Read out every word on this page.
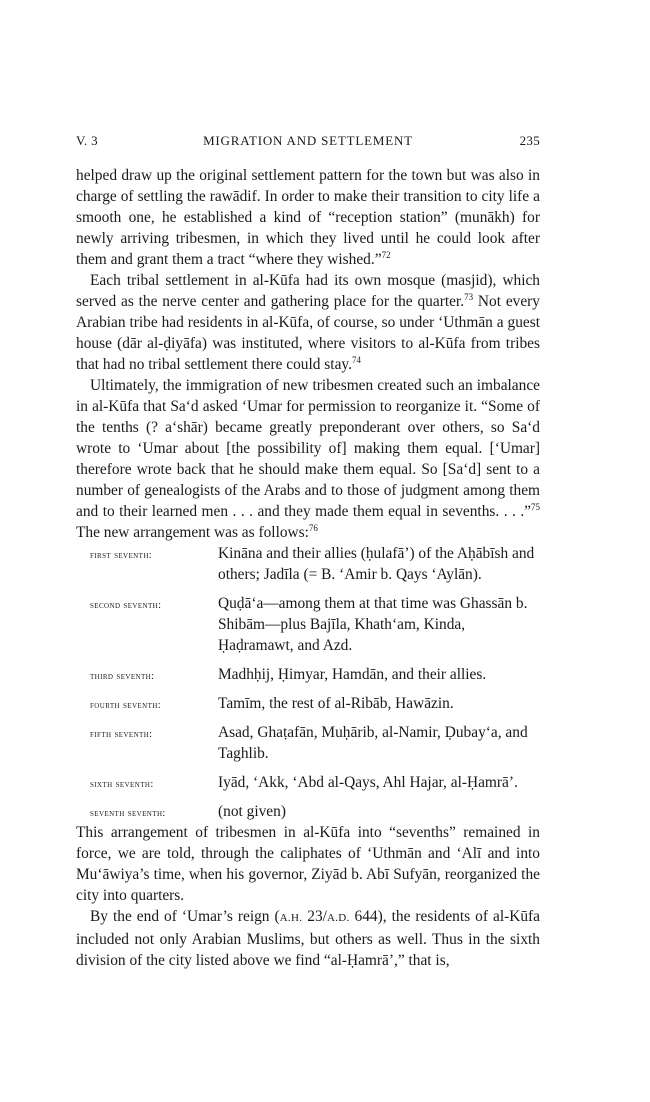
V. 3	MIGRATION AND SETTLEMENT	235

helped draw up the original settlement pattern for the town but was also in charge of settling the rawādif. In order to make their transition to city life a smooth one, he established a kind of “reception station” (munākh) for newly arriving tribesmen, in which they lived until he could look after them and grant them a tract “where they wished.”$^{72}$

Each tribal settlement in al-Kūfa had its own mosque (masjid), which served as the nerve center and gathering place for the quarter.$^{73}$ Not every Arabian tribe had residents in al-Kūfa, of course, so under ‘Uthmān a guest house (dār al-ḍiyāfa) was instituted, where visitors to al-Kūfa from tribes that had no tribal settlement there could stay.$^{74}$

Ultimately, the immigration of new tribesmen created such an imbalance in al-Kūfa that Sa‘d asked ‘Umar for permission to reorganize it. “Some of the tenths (? a‘shār) became greatly preponderant over others, so Sa‘d wrote to ‘Umar about [the possibility of] making them equal. [‘Umar] therefore wrote back that he should make them equal. So [Sa‘d] sent to a number of genealogists of the Arabs and to those of judgment among them and to their learned men . . . and they made them equal in sevenths. . . .”$^{75}$ The new arrangement was as follows:$^{76}$

first seventh:	Kināna and their allies (ḥulafā’) of the Aḥābīsh and others; Jadīla (= B. ‘Amir b. Qays ‘Aylān).
second seventh:	Quḍā‘a—among them at that time was Ghassān b. Shibām—plus Bajīla, Khath‘am, Kinda, Ḥaḍramawt, and Azd.
third seventh:	Madhḥij, Ḥimyar, Hamdān, and their allies.
fourth seventh:	Tamīm, the rest of al-Ribāb, Hawāzin.
fifth seventh:	Asad, Ghaṭafān, Muḥārib, al-Namir, Ḍubay‘a, and Taghlib.
sixth seventh:	Iyād, ‘Akk, ‘Abd al-Qays, Ahl Hajar, al-Ḥamrā’.
seventh seventh:	(not given)

This arrangement of tribesmen in al-Kūfa into “sevenths” remained in force, we are told, through the caliphates of ‘Uthmān and ‘Alī and into Mu‘āwiya’s time, when his governor, Ziyād b. Abī Sufyān, reorganized the city into quarters.

By the end of ‘Umar’s reign (A.H. 23/A.D. 644), the residents of al-Kūfa included not only Arabian Muslims, but others as well. Thus in the sixth division of the city listed above we find “al-Ḥamrā’,” that is,
